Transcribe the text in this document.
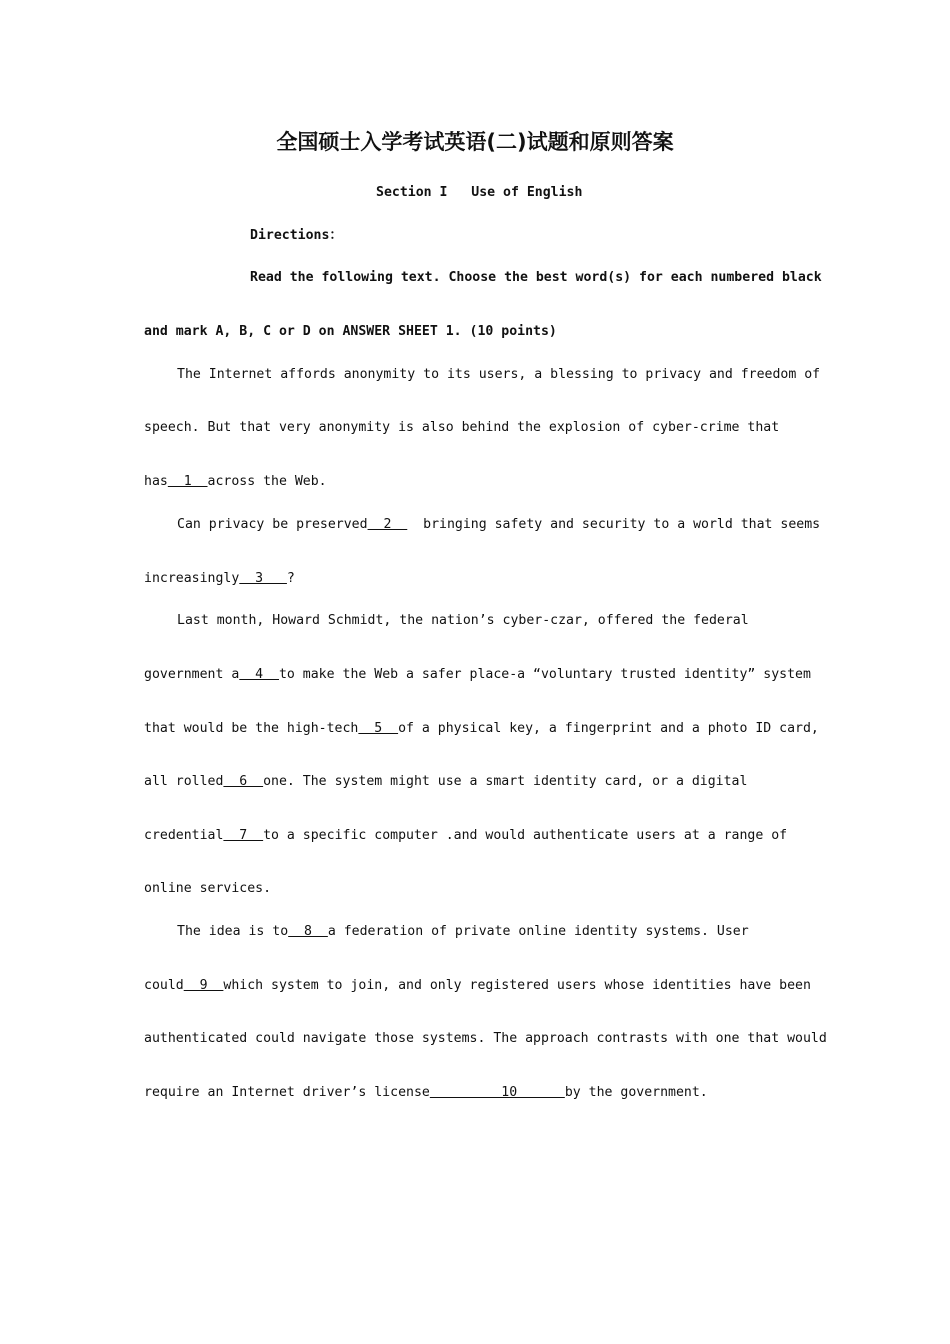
全国硕士入学考试英语(二)试题和原则答案
Section I   Use of English
Directions：
Read the following text. Choose the best word(s) for each numbered black
and mark A, B, C or D on ANSWER SHEET 1. (10 points)
The Internet affords anonymity to its users, a blessing to privacy and freedom of
speech. But that very anonymity is also behind the explosion of cyber-crime that
has  1  across the Web.
Can privacy be preserved  2    bringing safety and security to a world that seems
increasingly  3   ?
Last month, Howard Schmidt, the nation’s cyber-czar, offered the federal
government a  4  to make the Web a safer place-a “voluntary trusted identity” system
that would be the high-tech  5  of a physical key, a fingerprint and a photo ID card,
all rolled  6  one. The system might use a smart identity card, or a digital
credential  7  to a specific computer .and would authenticate users at a range of
online services.
The idea is to  8  a federation of private online identity systems. User
could  9  which system to join, and only registered users whose identities have been
authenticated could navigate those systems. The approach contrasts with one that would
require an Internet driver’s license         10      by the government.
